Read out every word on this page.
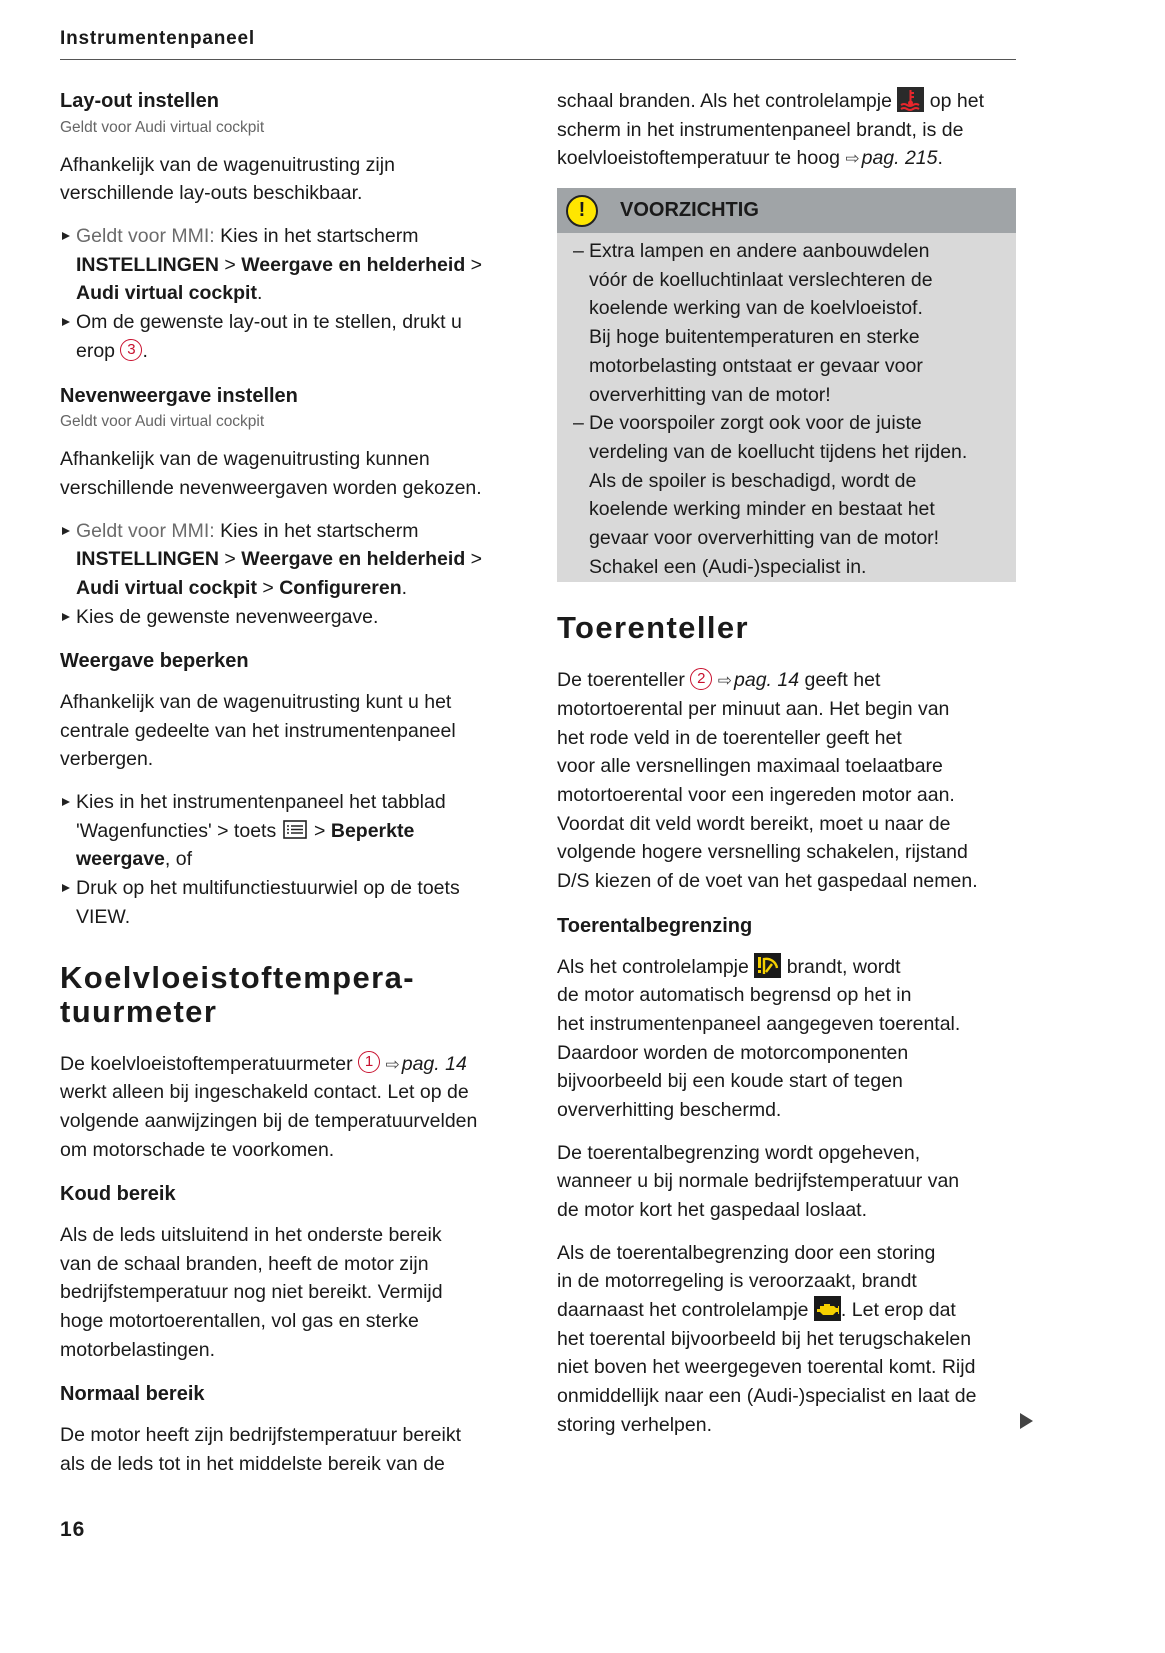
Instrumentenpaneel
Lay-out instellen
Geldt voor Audi virtual cockpit
Afhankelijk van de wagenuitrusting zijn
verschillende lay-outs beschikbaar.
Geldt voor MMI: Kies in het startscherm
INSTELLINGEN > Weergave en helderheid >
Audi virtual cockpit.
Om de gewenste lay-out in te stellen, drukt u
erop 3 .
Nevenweergave instellen
Geldt voor Audi virtual cockpit
Afhankelijk van de wagenuitrusting kunnen
verschillende nevenweergaven worden gekozen.
Geldt voor MMI: Kies in het startscherm
INSTELLINGEN > Weergave en helderheid >
Audi virtual cockpit > Configureren.
Kies de gewenste nevenweergave.
Weergave beperken
Afhankelijk van de wagenuitrusting kunt u het
centrale gedeelte van het instrumentenpaneel
verbergen.
Kies in het instrumentenpaneel het tabblad
'Wagenfuncties' > toets
> Beperkte
weergave, of
Druk op het multifunctiestuurwiel op de toets
VIEW.
Koelvloeistoftempera-
tuurmeter
De koelvloeistoftemperatuurmeter 1 ⇨ pag. 14
werkt alleen bij ingeschakeld contact. Let op de
volgende aanwijzingen bij de temperatuurvelden
om motorschade te voorkomen.
Koud bereik
Als de leds uitsluitend in het onderste bereik
van de schaal branden, heeft de motor zijn
bedrijfstemperatuur nog niet bereikt. Vermijd
hoge motortoerentallen, vol gas en sterke
motorbelastingen.
Normaal bereik
De motor heeft zijn bedrijfstemperatuur bereikt
als de leds tot in het middelste bereik van de
schaal branden. Als het controlelampje
op het
scherm in het instrumentenpaneel brandt, is de
koelvloeistoftemperatuur te hoog ⇨ pag. 215.
!	VOORZICHTIG
– Extra lampen en andere aanbouwdelen
vóór de koelluchtinlaat verslechteren de
koelende werking van de koelvloeistof.
Bij hoge buitentemperaturen en sterke
motorbelasting ontstaat er gevaar voor
oververhitting van de motor!
– De voorspoiler zorgt ook voor de juiste
verdeling van de koellucht tijdens het rijden.
Als de spoiler is beschadigd, wordt de
koelende werking minder en bestaat het
gevaar voor oververhitting van de motor!
Schakel een (Audi-)specialist in.
Toerenteller
De toerenteller 2 ⇨ pag. 14 geeft het
motortoerental per minuut aan. Het begin van
het rode veld in de toerenteller geeft het
voor alle versnellingen maximaal toelaatbare
motortoerental voor een ingereden motor aan.
Voordat dit veld wordt bereikt, moet u naar de
volgende hogere versnelling schakelen, rijstand
D/S kiezen of de voet van het gaspedaal nemen.
Toerentalbegrenzing
Als het controlelampje
brandt, wordt
de motor automatisch begrensd op het in
het instrumentenpaneel aangegeven toerental.
Daardoor worden de motorcomponenten
bijvoorbeeld bij een koude start of tegen
oververhitting beschermd.
De toerentalbegrenzing wordt opgeheven,
wanneer u bij normale bedrijfstemperatuur van
de motor kort het gaspedaal loslaat.
Als de toerentalbegrenzing door een storing
in de motorregeling is veroorzaakt, brandt
daarnaast het controlelampje
. Let erop dat
het toerental bijvoorbeeld bij het terugschakelen
niet boven het weergegeven toerental komt. Rijd
onmiddellijk naar een (Audi-)specialist en laat de
storing verhelpen.
16
